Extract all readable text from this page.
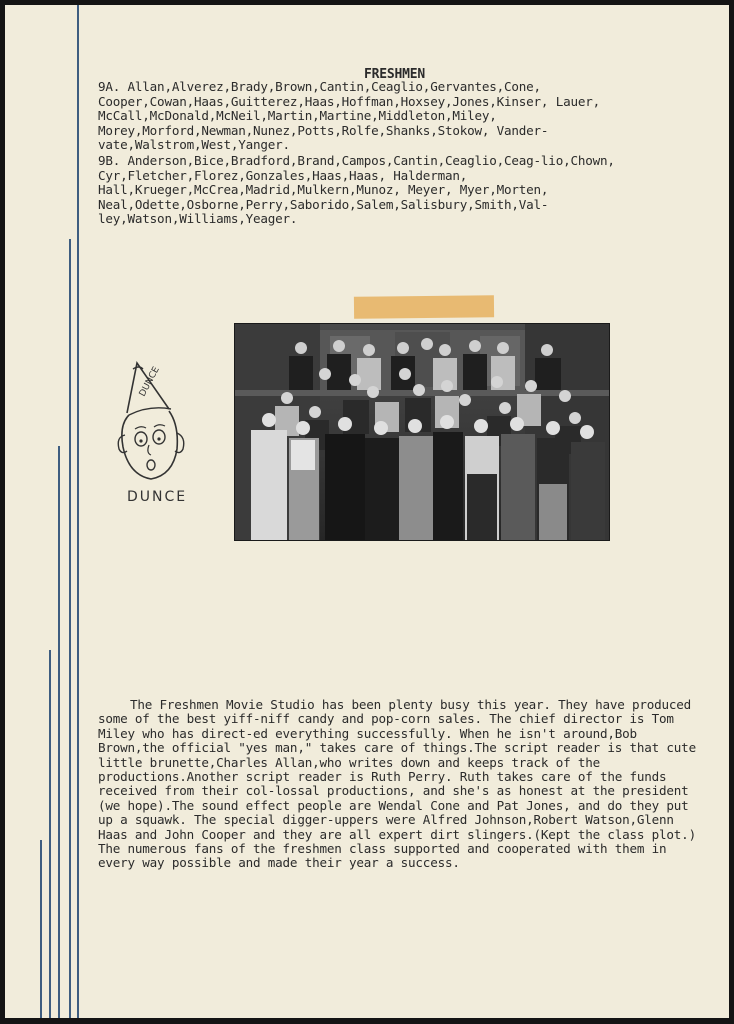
FRESHMEN

9A. Allan,Alverez,Brady,Brown,Cantin,Ceaglio,Gervantes,Cone, Cooper,Cowan,Haas,Guitterez,Haas,Hoffman,Hoxsey,Jones,Kinser, Lauer, McCall,McDonald,McNeil,Martin,Martine,Middleton,Miley, Morey,Morford,Newman,Nunez,Potts,Rolfe,Shanks,Stokow, Vander-vate,Walstrom,West,Yanger.

9B. Anderson,Bice,Bradford,Brand,Campos,Cantin,Ceaglio,Ceag-lio,Chown, Cyr,Fletcher,Florez,Gonzales,Haas,Haas, Halderman, Hall,Krueger,McCrea,Madrid,Mulkern,Munoz, Meyer, Myer,Morten, Neal,Odette,Osborne,Perry,Saborido,Salem,Salisbury,Smith,Val-ley,Watson,Williams,Yeager.

DUNCE
DUNCE

The Freshmen Movie Studio has been plenty busy this year. They have produced some of the best yiff-niff candy and pop-corn sales. The chief director is Tom Miley who has direct-ed everything successfully. When he isn't around,Bob Brown,the official "yes man," takes care of things.The script reader is that cute little brunette,Charles Allan,who writes down and keeps track of the productions.Another script reader is Ruth Perry. Ruth takes care of the funds received from their col-lossal productions, and she's as honest at the president (we hope).The sound effect people are Wendal Cone and Pat Jones, and do they put up a squawk. The special digger-uppers were Alfred Johnson,Robert Watson,Glenn Haas and John Cooper and they are all expert dirt slingers.(Kept the class plot.) The numerous fans of the freshmen class supported and cooperated with them in every way possible and made their year a success.
